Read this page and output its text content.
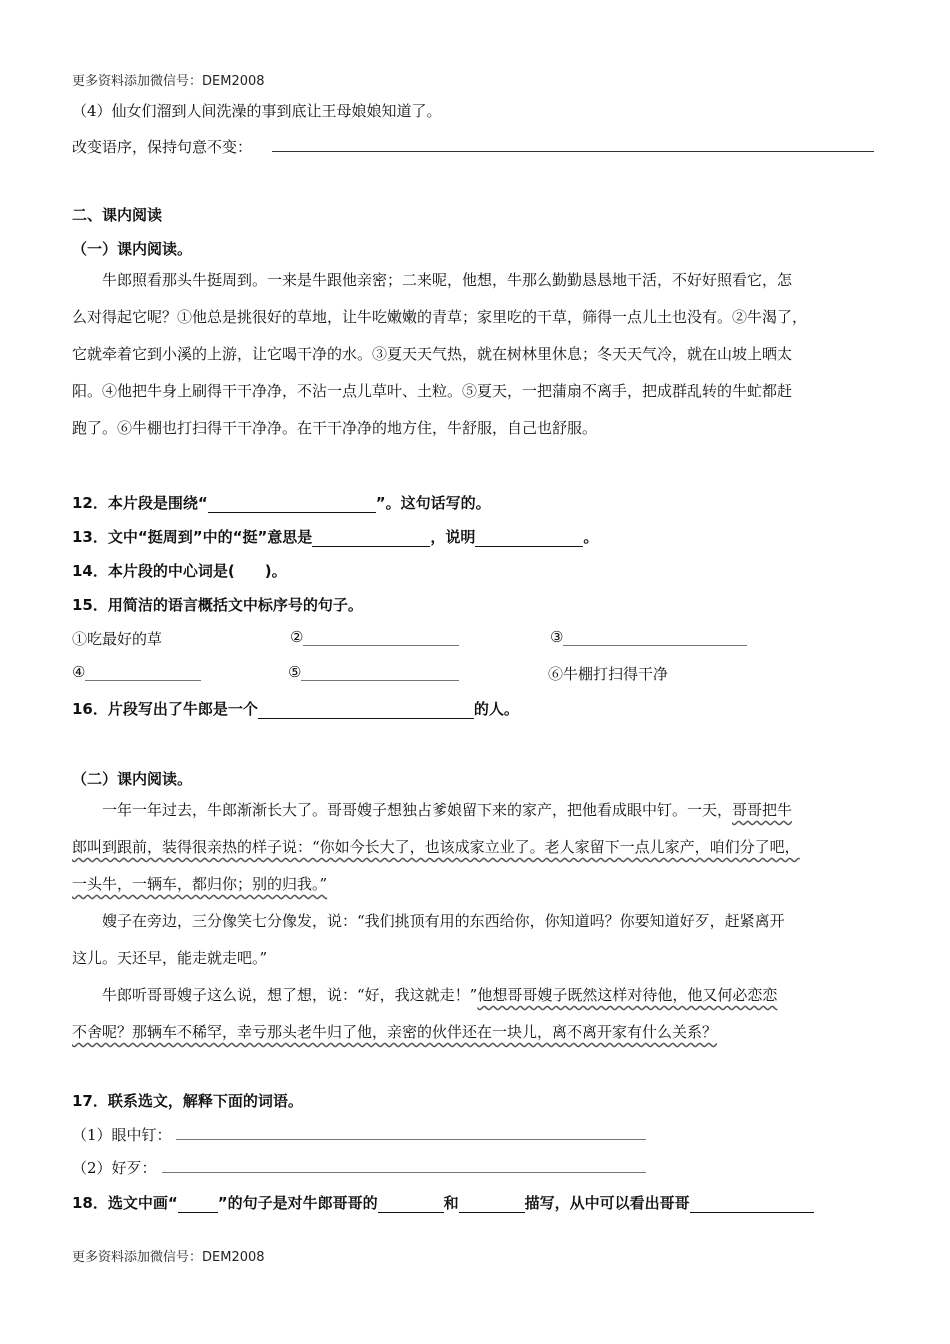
更多资料添加微信号：DEM2008
（4）仙女们溜到人间洗澡的事到底让王母娘娘知道了。
改变语序，保持句意不变：
二、课内阅读
（一）课内阅读。
牛郎照看那头牛挺周到。一来是牛跟他亲密；二来呢，他想，牛那么勤勤恳恳地干活，不好好照看它，怎
么对得起它呢？①他总是挑很好的草地，让牛吃嫩嫩的青草；家里吃的干草，筛得一点儿土也没有。②牛渴了，
它就牵着它到小溪的上游，让它喝干净的水。③夏天天气热，就在树林里休息；冬天天气冷，就在山坡上晒太
阳。④他把牛身上刷得干干净净，不沾一点儿草叶、土粒。⑤夏天，一把蒲扇不离手，把成群乱转的牛虻都赶
跑了。⑥牛棚也打扫得干干净净。在干干净净的地方住，牛舒服，自己也舒服。
12．本片段是围绕“	”。这句话写的。
13．文中“挺周到”中的“挺”意思是	，说明	。
14．本片段的中心词是(　　)。
15．用简洁的语言概括文中标序号的句子。
①吃最好的草	②	③
④	⑤	⑥牛棚打扫得干净
16．片段写出了牛郎是一个	的人。
（二）课内阅读。
一年一年过去，牛郎渐渐长大了。哥哥嫂子想独占爹娘留下来的家产，把他看成眼中钉。一天，哥哥把牛
郎叫到跟前，装得很亲热的样子说：“你如今长大了，也该成家立业了。老人家留下一点儿家产，咱们分了吧，
一头牛，一辆车，都归你；别的归我。”
嫂子在旁边，三分像笑七分像发，说：“我们挑顶有用的东西给你，你知道吗？你要知道好歹，赶紧离开
这儿。天还早，能走就走吧。”
牛郎听哥哥嫂子这么说，想了想，说：“好，我这就走！”他想哥哥嫂子既然这样对待他，他又何必恋恋
不舍呢？那辆车不稀罕，幸亏那头老牛归了他，亲密的伙伴还在一块儿，离不离开家有什么关系？
17．联系选文，解释下面的词语。
（1）眼中钉：
（2）好歹：
18．选文中画“	”的句子是对牛郎哥哥的	和	描写，从中可以看出哥哥
更多资料添加微信号：DEM2008
